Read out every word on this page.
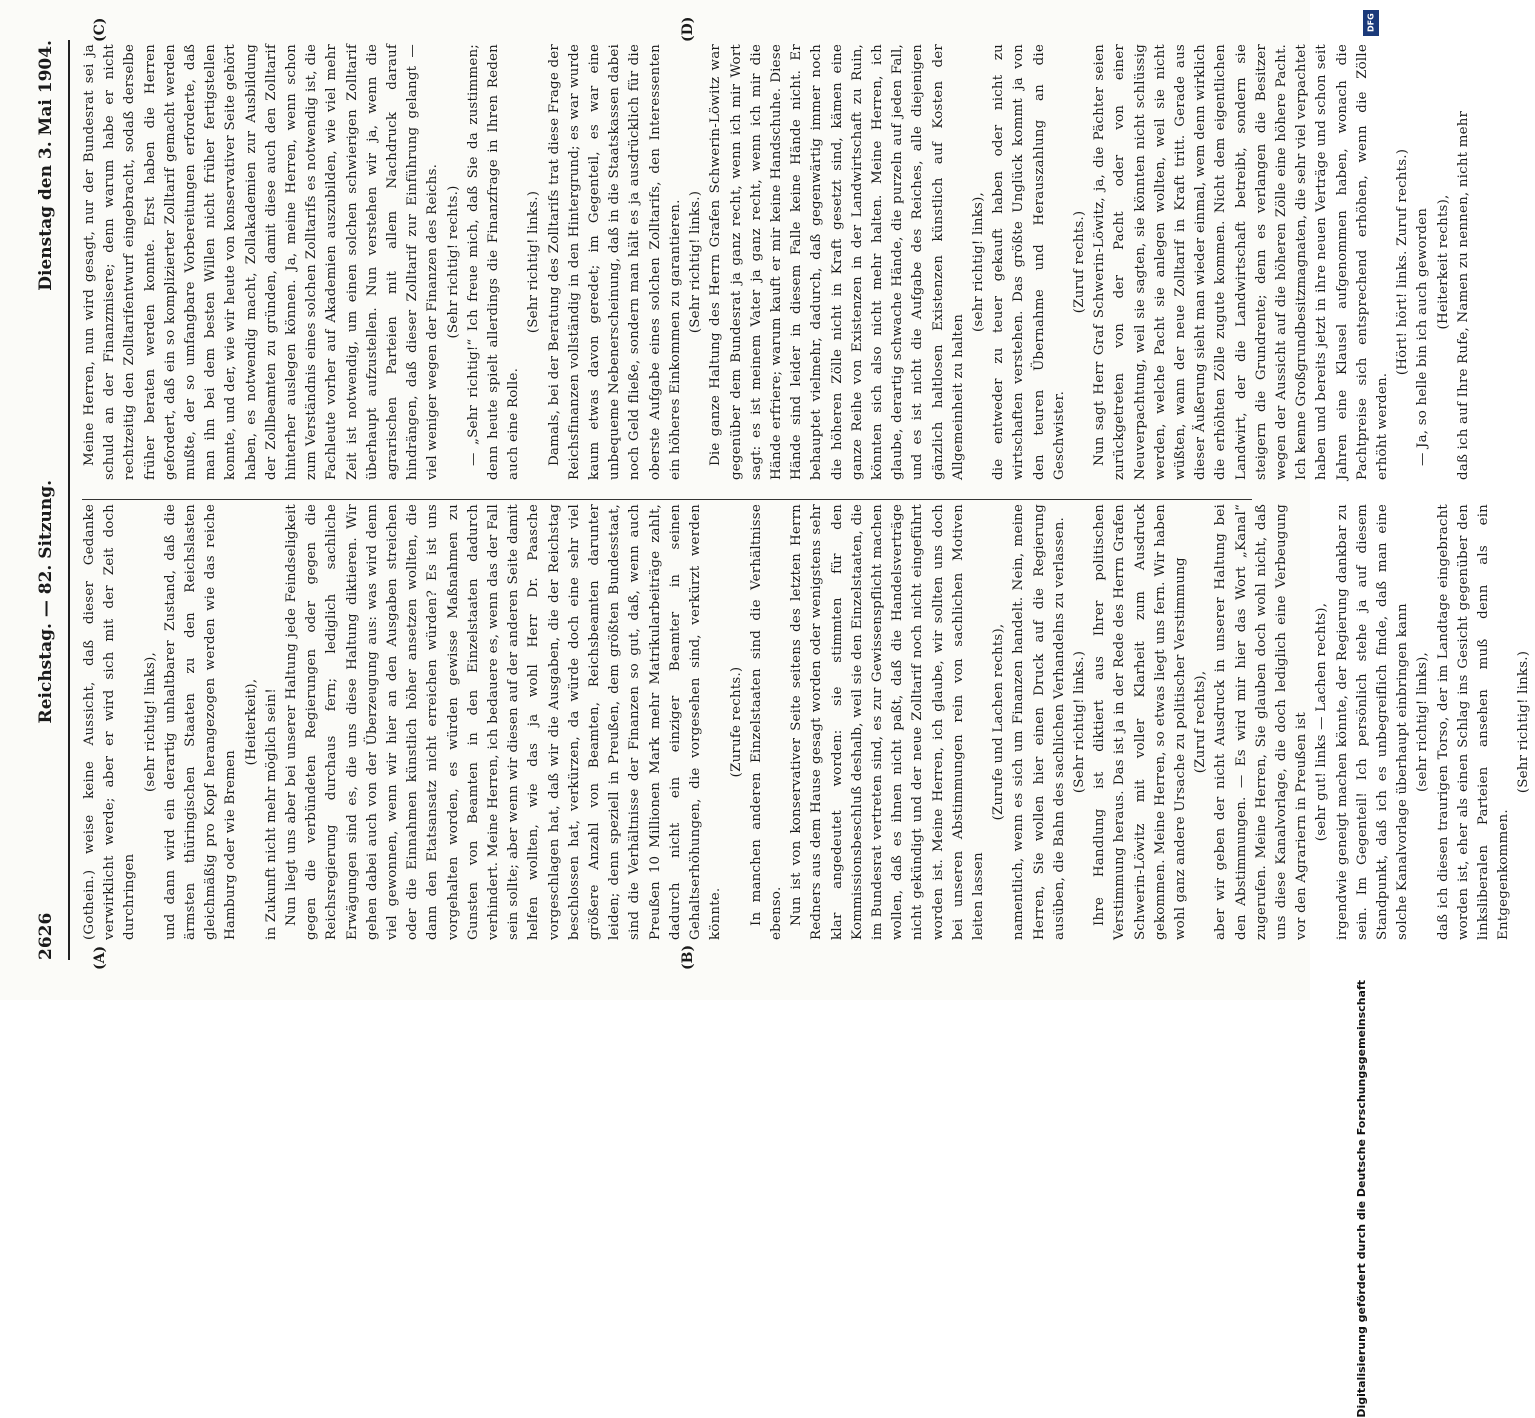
2626
Reichstag. — 82. Sitzung.
Dienstag den 3. Mai 1904.
(A)	(B)
(C)	(D)

(Gothein.) weise keine Aussicht, daß dieser Gedanke verwirklicht werde; aber er wird sich mit der Zeit doch durchringen

(sehr richtig! links), und dann wird ein derartig unhaltbarer Zustand, daß die ärmsten thüringischen Staaten zu den Reichslasten gleichmäßig pro Kopf herangezogen werden wie das reiche Hamburg oder wie Bremen

(Heiterkeit), in Zukunft nicht mehr möglich sein! Nun liegt uns aber bei unserer Haltung jede Feindseligkeit gegen die verbündeten Regierungen oder gegen die Reichsregierung durchaus fern; lediglich sachliche Erwägungen sind es, die uns diese Haltung diktieren. Wir gehen dabei auch von der Überzeugung aus: was wird denn viel gewonnen, wenn wir hier an den Ausgaben streichen oder die Einnahmen künstlich höher ansetzen wollten, die dann den Etatsansatz nicht erreichen würden? Es ist uns vorgehalten worden, es würden gewisse Maßnahmen zu Gunsten von Beamten in den Einzelstaaten dadurch verhindert. Meine Herren, ich bedauere es, wenn das der Fall sein sollte; aber wenn wir diesen auf der anderen Seite damit helfen wollten, wie das ja wohl Herr Dr. Paasche vorgeschlagen hat, daß wir die Ausgaben, die der Reichstag beschlossen hat, verkürzen, da würde doch eine sehr viel größere Anzahl von Beamten, Reichsbeamten darunter leiden; denn speziell in Preußen, dem größten Bundesstaat, sind die Verhältnisse der Finanzen so gut, daß, wenn auch Preußen 10 Millionen Mark mehr Matrikularbeiträge zahlt, dadurch nicht ein einziger Beamter in seinen Gehaltserhöhungen, die vorgesehen sind, verkürzt werden könnte.

(Zurufe rechts.) In manchen anderen Einzelstaaten sind die Verhältnisse ebenso. Nun ist von konservativer Seite seitens des letzten Herrn Redners aus dem Hause gesagt worden oder wenigstens sehr klar angedeutet worden: sie stimmten für den Kommissionsbeschluß deshalb, weil sie den Einzelstaaten, die im Bundesrat vertreten sind, es zur Gewissenspflicht machen wollen, daß es ihnen nicht paßt, daß die Handelsverträge nicht gekündigt und der neue Zolltarif noch nicht eingeführt worden ist. Meine Herren, ich glaube, wir sollten uns doch bei unseren Abstimmungen rein von sachlichen Motiven leiten lassen

(Zurufe und Lachen rechts), namentlich, wenn es sich um Finanzen handelt. Nein, meine Herren, Sie wollen hier einen Druck auf die Regierung ausüben, die Bahn des sachlichen Verhandelns zu verlassen. (Sehr richtig! links.) Ihre Handlung ist diktiert aus Ihrer politischen Verstimmung heraus. Das ist ja in der Rede des Herrn Grafen Schwerin-Löwitz mit voller Klarheit zum Ausdruck gekommen. Meine Herren, so etwas liegt uns fern. Wir haben wohl ganz andere Ursache zu politischer Verstimmung (Zuruf rechts), aber wir geben der nicht Ausdruck in unserer Haltung bei den Abstimmungen. — Es wird mir hier das Wort „Kanal“ zugerufen. Meine Herren, Sie glauben doch wohl nicht, daß uns diese Kanalvorlage, die doch lediglich eine Verbeugung vor den Agrariern in Preußen ist (sehr gut! links — Lachen rechts), irgendwie geneigt machen könnte, der Regierung dankbar zu sein. Im Gegenteil! Ich persönlich stehe ja auf diesem Standpunkt, daß ich es unbegreiflich finde, daß man eine solche Kanalvorlage überhaupt einbringen kann (sehr richtig! links), daß ich diesen traurigen Torso, der im Landtage eingebracht worden ist, eher als einen Schlag ins Gesicht gegenüber den linksliberalen Parteien ansehen muß denn als ein Entgegenkommen.

(Sehr richtig! links.)

Meine Herren, nun wird gesagt, nur der Bundesrat sei ja schuld an der Finanzmisere; denn warum habe er nicht rechtzeitig den Zolltarifentwurf eingebracht, sodaß derselbe früher beraten werden konnte. Erst haben die Herren gefordert, daß ein so komplizierter Zolltarif gemacht werden mußte, der so umfangbare Vorbereitungen erforderte, daß man ihn bei dem besten Willen nicht früher fertigstellen konnte, und der, wie wir heute von konservativer Seite gehört haben, es notwendig macht, Zollakademien zur Ausbildung der Zollbeamten zu gründen, damit diese auch den Zolltarif hinterher auslegen können. Ja, meine Herren, wenn schon zum Verständnis eines solchen Zolltarifs es notwendig ist, die Fachleute vorher auf Akademien auszubilden, wie viel mehr Zeit ist notwendig, um einen solchen schwierigen Zolltarif überhaupt aufzustellen. Nun verstehen wir ja, wenn die agrarischen Parteien mit allem Nachdruck darauf hindrängen, daß dieser Zolltarif zur Einführung gelangt — viel weniger wegen der Finanzen des Reichs. (Sehr richtig! rechts.) — „Sehr richtig!“ Ich freue mich, daß Sie da zustimmen; denn heute spielt allerdings die Finanzfrage in Ihren Reden auch eine Rolle.

(Sehr richtig! links.) Damals, bei der Beratung des Zolltarifs trat diese Frage der Reichsfinanzen vollständig in den Hintergrund; es war wurde kaum etwas davon geredet; im Gegenteil, es war eine unbequeme Nebenerscheinung, daß in die Staatskassen dabei noch Geld fließe, sondern man hält es ja ausdrücklich für die oberste Aufgabe eines solchen Zolltarifs, den Interessenten ein höheres Einkommen zu garantieren. (Sehr richtig! links.) Die ganze Haltung des Herrn Grafen Schwerin-Löwitz war gegenüber dem Bundesrat ja ganz recht, wenn ich mir Wort sagt: es ist meinem Vater ja ganz recht, wenn ich mir die Hände erfriere; warum kauft er mir keine Handschuhe. Diese Hände sind leider in diesem Falle keine Hände nicht. Er behauptet vielmehr, dadurch, daß gegenwärtig immer noch die höheren Zölle nicht in Kraft gesetzt sind, kämen eine ganze Reihe von Existenzen in der Landwirtschaft zu Ruin, könnten sich also nicht mehr halten. Meine Herren, ich glaube, derartig schwache Hände, die purzeln auf jeden Fall, und es ist nicht die Aufgabe des Reiches, alle diejenigen gänzlich haltlosen Existenzen künstlich auf Kosten der Allgemeinheit zu halten

(sehr richtig! links), die entweder zu teuer gekauft haben oder nicht zu wirtschaften verstehen. Das größte Unglück kommt ja von den teuren Übernahme und Herauszahlung an die Geschwister.

(Zuruf rechts.) Nun sagt Herr Graf Schwerin-Löwitz, ja, die Pächter seien zurückgetreten von der Pacht oder von einer Neuverpachtung, weil sie sagten, sie könnten nicht schlüssig werden, welche Pacht sie anlegen wollten, weil sie nicht wüßten, wann der neue Zolltarif in Kraft tritt. Gerade aus dieser Äußerung sieht man wieder einmal, wem denn wirklich die erhöhten Zölle zugute kommen. Nicht dem eigentlichen Landwirt, der die Landwirtschaft betreibt, sondern sie steigern die Grundrente; denn es verlangen die Besitzer wegen der Aussicht auf die höheren Zölle eine höhere Pacht. Ich kenne Großgrundbesitzmagnaten, die sehr viel verpachtet haben und bereits jetzt in ihre neuen Verträge und schon seit Jahren eine Klausel aufgenommen haben, wonach die Pachtpreise sich entsprechend erhöhen, wenn die Zölle erhöht werden.

(Hört! hört! links. Zuruf rechts.) — Ja, so helle bin ich auch geworden (Heiterkeit rechts), daß ich auf Ihre Rufe, Namen zu nennen, nicht mehr

Digitalisierung gefördert durch die Deutsche Forschungsgemeinschaft
DFG
